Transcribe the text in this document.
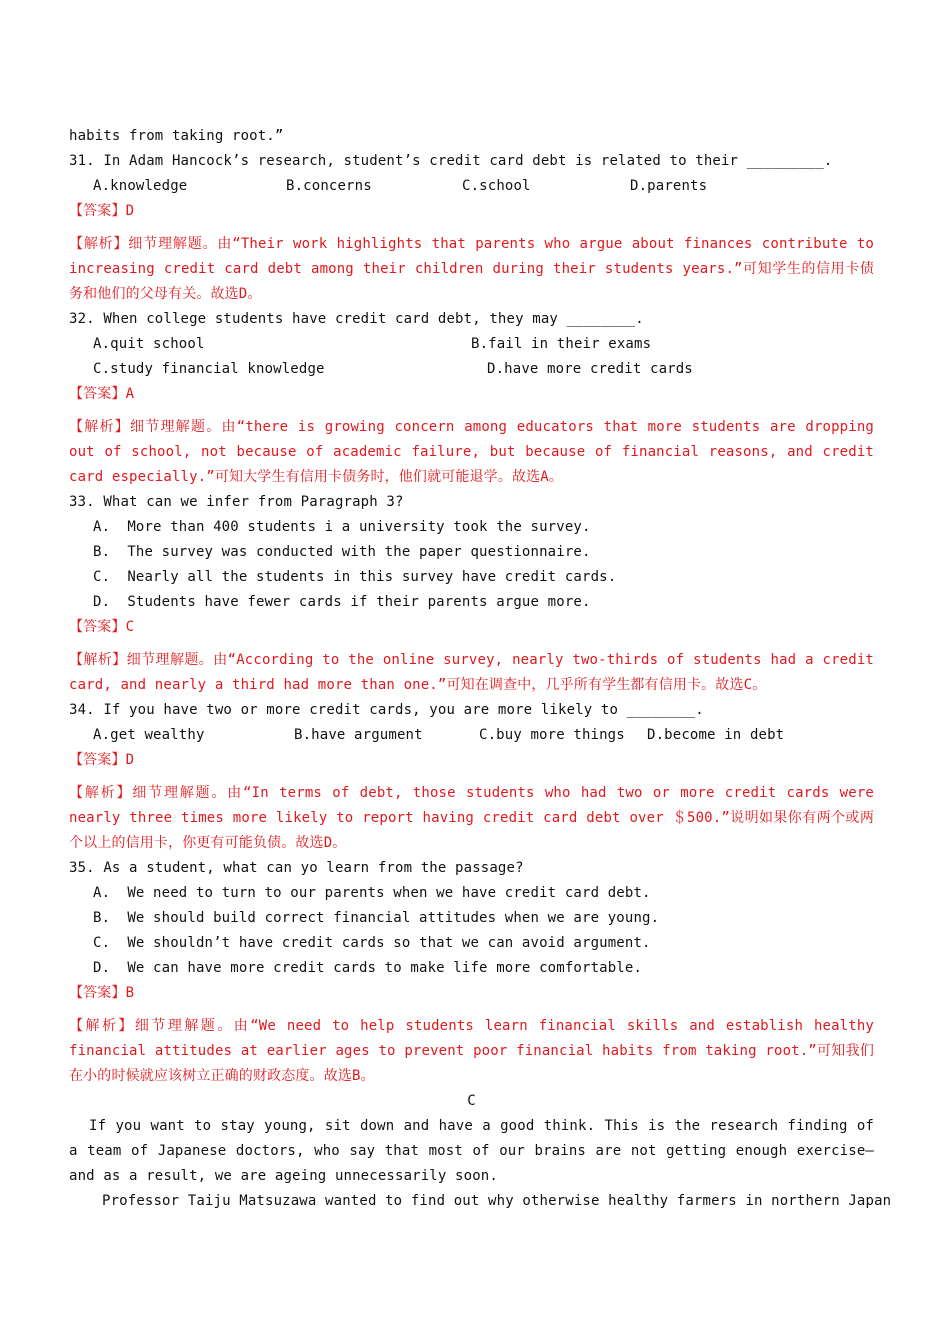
habits from taking root.”
31. In Adam Hancock’s research, student’s credit card debt is related to their _________.
A.knowledge	B.concerns	C.school	D.parents
【答案】D
【解析】细节理解题。由“Their work highlights that parents who argue about finances contribute to increasing credit card debt among their children during their students years.”可知学生的信用卡债务和他们的父母有关。故选D。
32. When college students have credit card debt, they may ________.
A.quit school	B.fail in their exams
C.study financial knowledge	D.have more credit cards
【答案】A
【解析】细节理解题。由“there is growing concern among educators that more students are dropping out of school, not because of academic failure, but because of financial reasons, and credit card especially.”可知大学生有信用卡债务时，他们就可能退学。故选A。
33. What can we infer from Paragraph 3?
A.  More than 400 students i a university took the survey.
B.  The survey was conducted with the paper questionnaire.
C.  Nearly all the students in this survey have credit cards.
D.  Students have fewer cards if their parents argue more.
【答案】C
【解析】细节理解题。由“According to the online survey, nearly two-thirds of students had a credit card, and nearly a third had more than one.”可知在调查中，几乎所有学生都有信用卡。故选C。
34. If you have two or more credit cards, you are more likely to ________.
A.get wealthy	B.have argument	C.buy more things	D.become in debt
【答案】D
【解析】细节理解题。由“In terms of debt, those students who had two or more credit cards were nearly three times more likely to report having credit card debt over ＄500.”说明如果你有两个或两个以上的信用卡，你更有可能负债。故选D。
35. As a student, what can yo learn from the passage?
A.  We need to turn to our parents when we have credit card debt.
B.  We should build correct financial attitudes when we are young.
C.  We shouldn’t have credit cards so that we can avoid argument.
D.  We can have more credit cards to make life more comfortable.
【答案】B
【解析】细节理解题。由“We need to help students learn financial skills and establish healthy financial attitudes at earlier ages to prevent poor financial habits from taking root.”可知我们在小的时候就应该树立正确的财政态度。故选B。
C
If you want to stay young, sit down and have a good think. This is the research finding of a team of Japanese doctors, who say that most of our brains are not getting enough exercise—and as a result, we are ageing unnecessarily soon.
Professor Taiju Matsuzawa wanted to find out why otherwise healthy farmers in northern Japan
